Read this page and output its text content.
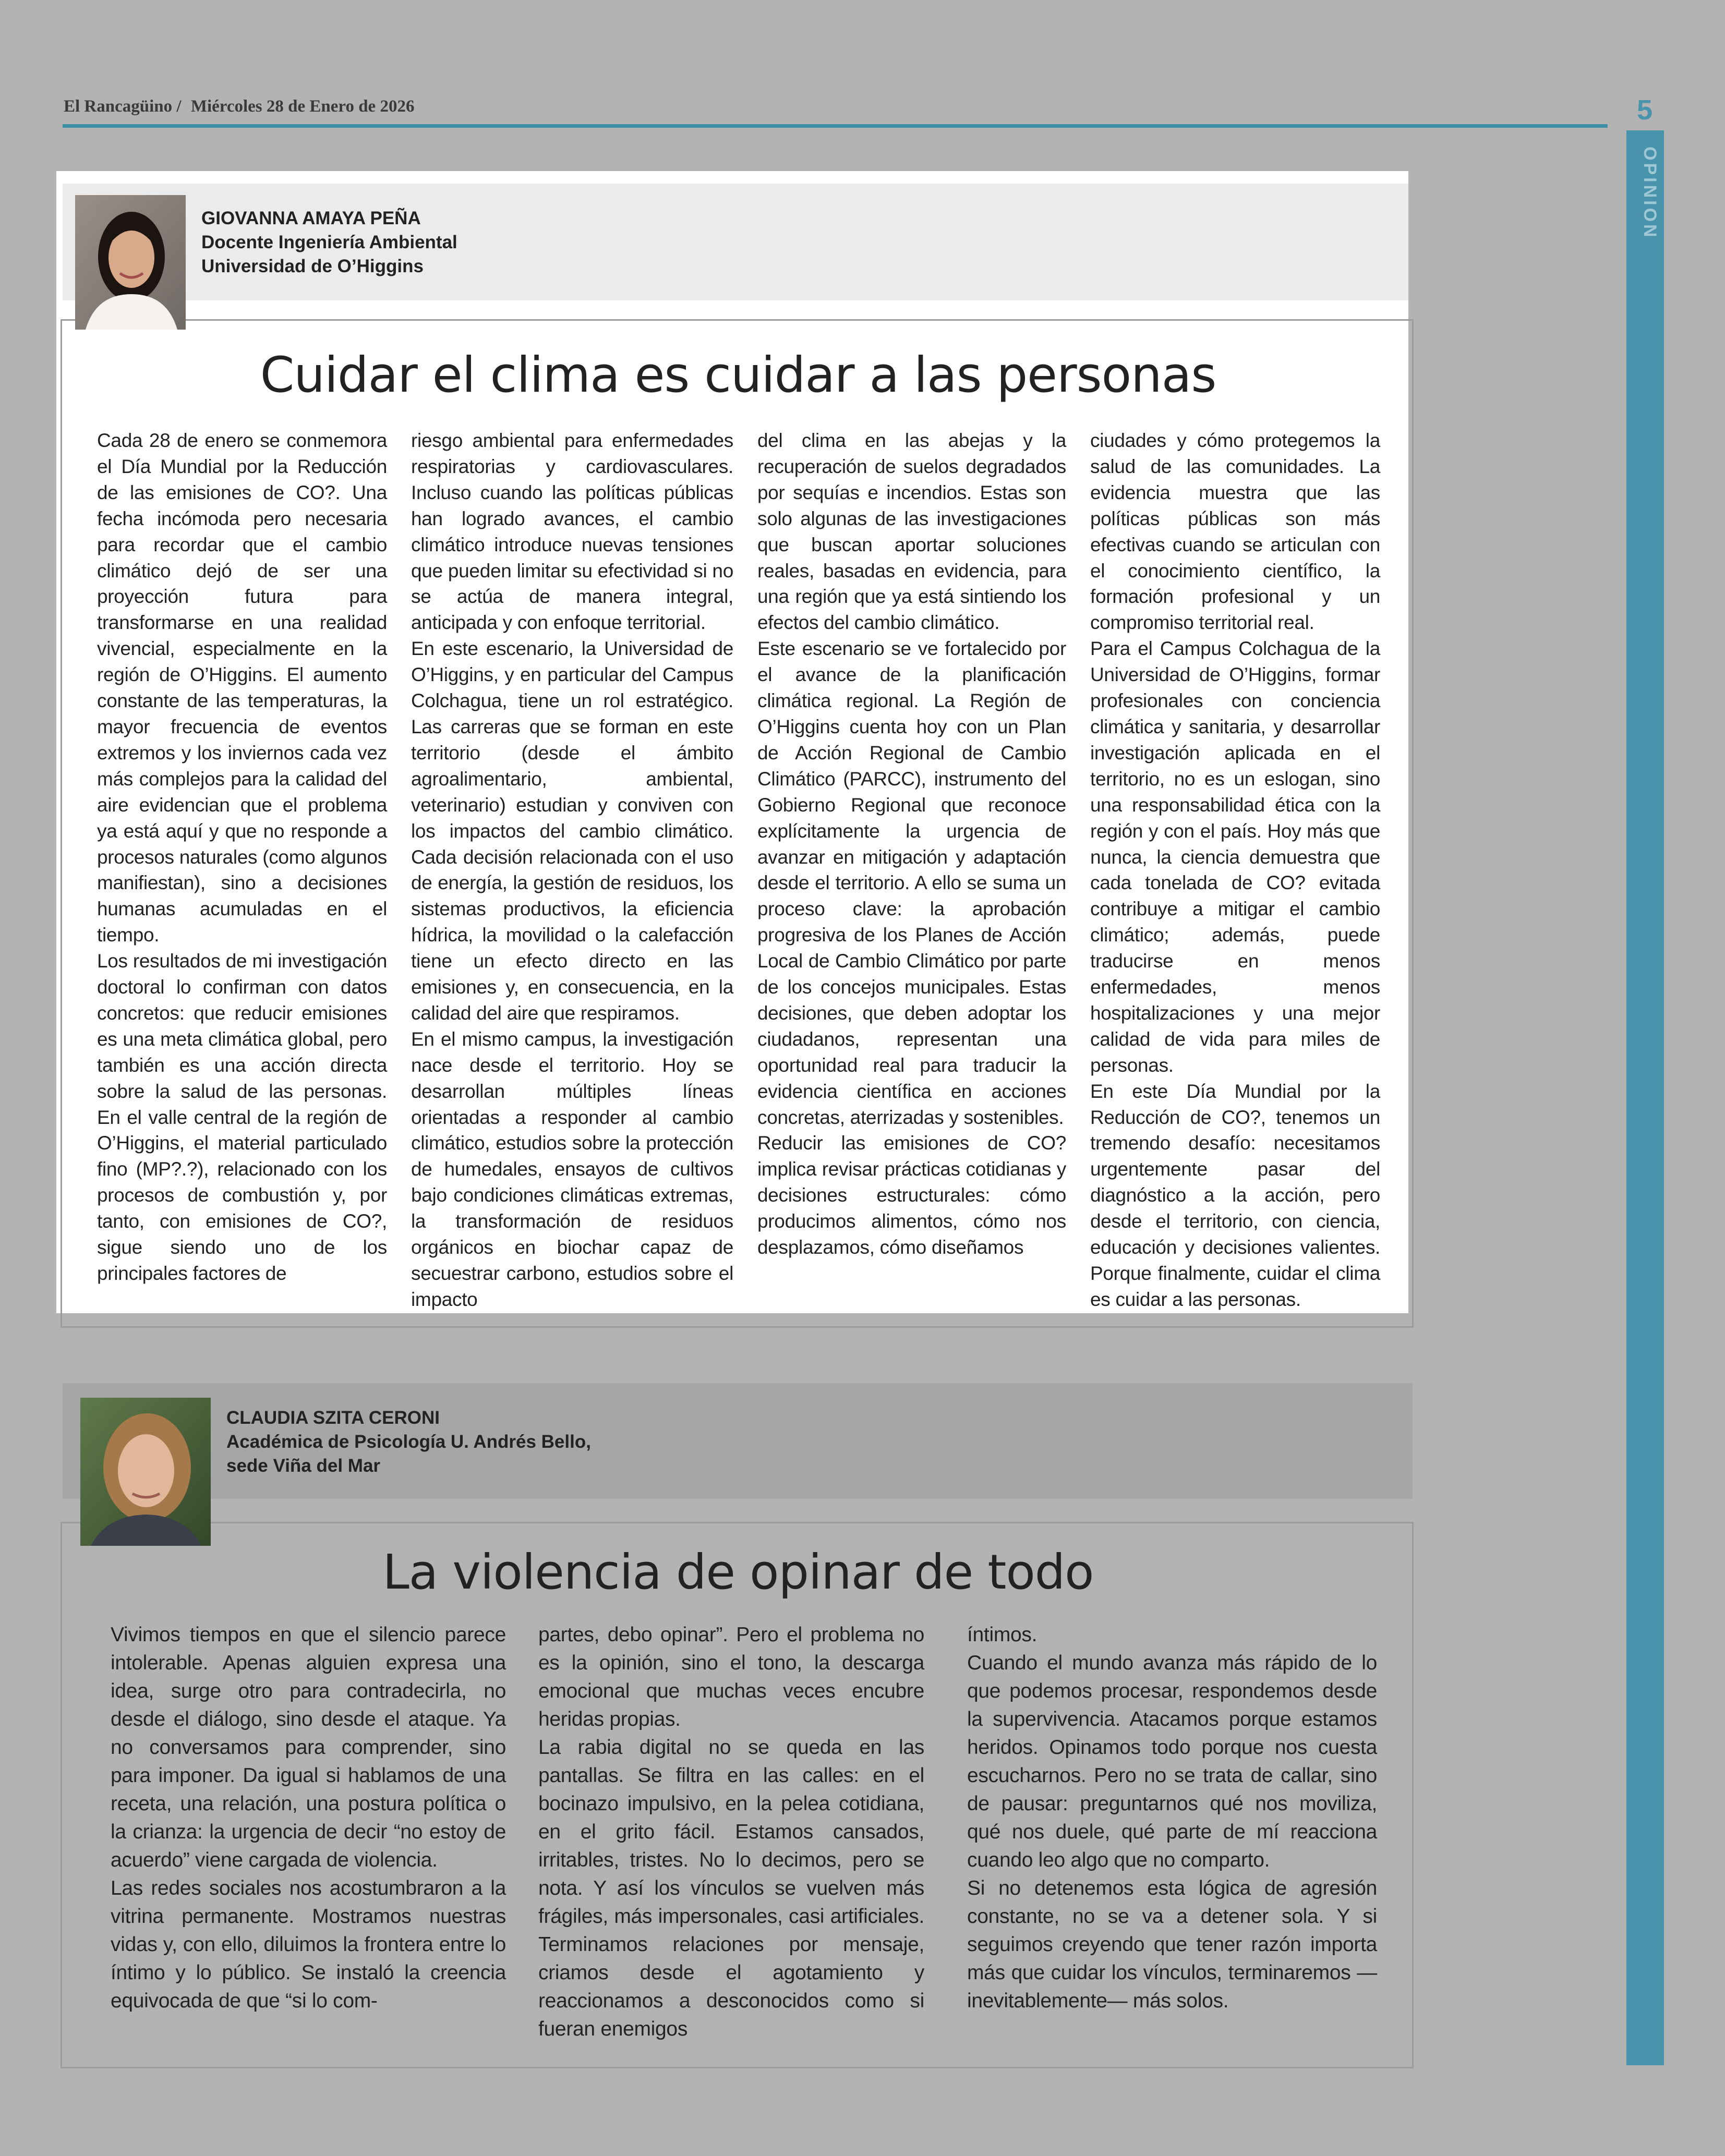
El Rancagüino / Miércoles 28 de Enero de 2026	5
OPINION
GIOVANNA AMAYA PEÑA
Docente Ingeniería Ambiental
Universidad de O’Higgins
Cuidar el clima es cuidar a las personas

Cada 28 de enero se conmemora el Día Mundial por la Reducción de las emisiones de CO?. Una fecha incómoda pero necesaria para recordar que el cambio climático dejó de ser una proyección futura para transformarse en una realidad vivencial, especialmente en la región de O’Higgins. El aumento constante de las temperaturas, la mayor frecuencia de eventos extremos y los inviernos cada vez más complejos para la calidad del aire evidencian que el problema ya está aquí y que no responde a procesos naturales (como algunos manifiestan), sino a decisiones humanas acumuladas en el tiempo.

Los resultados de mi investigación doctoral lo confirman con datos concretos: que reducir emisiones es una meta climática global, pero también es una acción directa sobre la salud de las personas. En el valle central de la región de O’Higgins, el material particulado fino (MP?.?), relacionado con los procesos de combustión y, por tanto, con emisiones de CO?, sigue siendo uno de los principales factores de

riesgo ambiental para enfermedades respiratorias y cardiovasculares. Incluso cuando las políticas públicas han logrado avances, el cambio climático introduce nuevas tensiones que pueden limitar su efectividad si no se actúa de manera integral, anticipada y con enfoque territorial.

En este escenario, la Universidad de O’Higgins, y en particular del Campus Colchagua, tiene un rol estratégico. Las carreras que se forman en este territorio (desde el ámbito agroalimentario, ambiental, veterinario) estudian y conviven con los impactos del cambio climático. Cada decisión relacionada con el uso de energía, la gestión de residuos, los sistemas productivos, la eficiencia hídrica, la movilidad o la calefacción tiene un efecto directo en las emisiones y, en consecuencia, en la calidad del aire que respiramos.

En el mismo campus, la investigación nace desde el territorio. Hoy se desarrollan múltiples líneas orientadas a responder al cambio climático, estudios sobre la protección de humedales, ensayos de cultivos bajo condiciones climáticas extremas, la transformación de residuos orgánicos en biochar capaz de secuestrar carbono, estudios sobre el impacto

del clima en las abejas y la recuperación de suelos degradados por sequías e incendios. Estas son solo algunas de las investigaciones que buscan aportar soluciones reales, basadas en evidencia, para una región que ya está sintiendo los efectos del cambio climático.

Este escenario se ve fortalecido por el avance de la planificación climática regional. La Región de O’Higgins cuenta hoy con un Plan de Acción Regional de Cambio Climático (PARCC), instrumento del Gobierno Regional que reconoce explícitamente la urgencia de avanzar en mitigación y adaptación desde el territorio. A ello se suma un proceso clave: la aprobación progresiva de los Planes de Acción Local de Cambio Climático por parte de los concejos municipales. Estas decisiones, que deben adoptar los ciudadanos, representan una oportunidad real para traducir la evidencia científica en acciones concretas, aterrizadas y sostenibles.

Reducir las emisiones de CO? implica revisar prácticas cotidianas y decisiones estructurales: cómo producimos alimentos, cómo nos desplazamos, cómo diseñamos

ciudades y cómo protegemos la salud de las comunidades. La evidencia muestra que las políticas públicas son más efectivas cuando se articulan con el conocimiento científico, la formación profesional y un compromiso territorial real.

Para el Campus Colchagua de la Universidad de O’Higgins, formar profesionales con conciencia climática y sanitaria, y desarrollar investigación aplicada en el territorio, no es un eslogan, sino una responsabilidad ética con la región y con el país. Hoy más que nunca, la ciencia demuestra que cada tonelada de CO? evitada contribuye a mitigar el cambio climático; además, puede traducirse en menos enfermedades, menos hospitalizaciones y una mejor calidad de vida para miles de personas.

En este Día Mundial por la Reducción de CO?, tenemos un tremendo desafío: necesitamos urgentemente pasar del diagnóstico a la acción, pero desde el territorio, con ciencia, educación y decisiones valientes. Porque finalmente, cuidar el clima es cuidar a las personas.

CLAUDIA SZITA CERONI
Académica de Psicología U. Andrés Bello,
sede Viña del Mar
La violencia de opinar de todo

Vivimos tiempos en que el silencio parece intolerable. Apenas alguien expresa una idea, surge otro para contradecirla, no desde el diálogo, sino desde el ataque. Ya no conversamos para comprender, sino para imponer. Da igual si hablamos de una receta, una relación, una postura política o la crianza: la urgencia de decir “no estoy de acuerdo” viene cargada de violencia.

Las redes sociales nos acostumbraron a la vitrina permanente. Mostramos nuestras vidas y, con ello, diluimos la frontera entre lo íntimo y lo público. Se instaló la creencia equivocada de que “si lo com-

partes, debo opinar”. Pero el problema no es la opinión, sino el tono, la descarga emocional que muchas veces encubre heridas propias.

La rabia digital no se queda en las pantallas. Se filtra en las calles: en el bocinazo impulsivo, en la pelea cotidiana, en el grito fácil. Estamos cansados, irritables, tristes. No lo decimos, pero se nota. Y así los vínculos se vuelven más frágiles, más impersonales, casi artificiales. Terminamos relaciones por mensaje, criamos desde el agotamiento y reaccionamos a desconocidos como si fueran enemigos

íntimos.

Cuando el mundo avanza más rápido de lo que podemos procesar, respondemos desde la supervivencia. Atacamos porque estamos heridos. Opinamos todo porque nos cuesta escucharnos. Pero no se trata de callar, sino de pausar: preguntarnos qué nos moviliza, qué nos duele, qué parte de mí reacciona cuando leo algo que no comparto.

Si no detenemos esta lógica de agresión constante, no se va a detener sola. Y si seguimos creyendo que tener razón importa más que cuidar los vínculos, terminaremos —inevitablemente— más solos.
